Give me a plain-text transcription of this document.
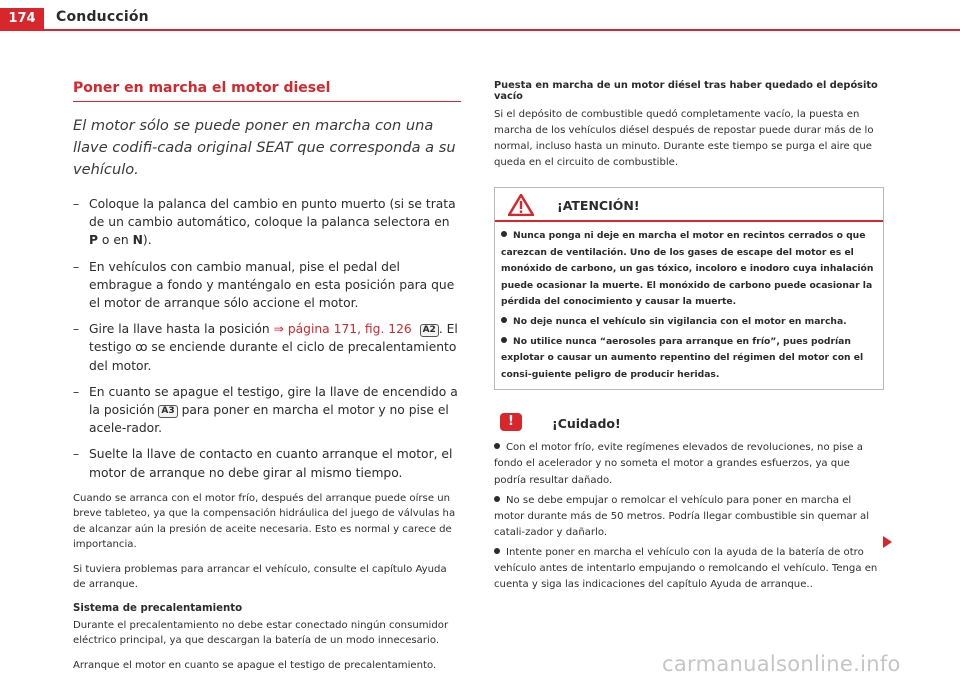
174	Conducción
Poner en marcha el motor diesel
El motor sólo se puede poner en marcha con una llave codifi-cada original SEAT que corresponda a su vehículo.
– Coloque la palanca del cambio en punto muerto (si se trata de un cambio automático, coloque la palanca selectora en P o en N).
– En vehículos con cambio manual, pise el pedal del embrague a fondo y manténgalo en esta posición para que el motor de arranque sólo accione el motor.
– Gire la llave hasta la posición ⇒ página 171, fig. 126 A2 . El testigo ꝏ se enciende durante el ciclo de precalentamiento del motor.
– En cuanto se apague el testigo, gire la llave de encendido a la posición A3 para poner en marcha el motor y no pise el acele-rador.
– Suelte la llave de contacto en cuanto arranque el motor, el motor de arranque no debe girar al mismo tiempo.
Cuando se arranca con el motor frío, después del arranque puede oírse un breve tableteo, ya que la compensación hidráulica del juego de válvulas ha de alcanzar aún la presión de aceite necesaria. Esto es normal y carece de importancia.
Si tuviera problemas para arrancar el vehículo, consulte el capítulo Ayuda de arranque.
Sistema de precalentamiento
Durante el precalentamiento no debe estar conectado ningún consumidor eléctrico principal, ya que descargan la batería de un modo innecesario.
Arranque el motor en cuanto se apague el testigo de precalentamiento.
Puesta en marcha de un motor diésel tras haber quedado el depósito vacío
Si el depósito de combustible quedó completamente vacío, la puesta en marcha de los vehículos diésel después de repostar puede durar más de lo normal, incluso hasta un minuto. Durante este tiempo se purga el aire que queda en el circuito de combustible.
¡ATENCIÓN!
Nunca ponga ni deje en marcha el motor en recintos cerrados o que carezcan de ventilación. Uno de los gases de escape del motor es el monóxido de carbono, un gas tóxico, incoloro e inodoro cuya inhalación puede ocasionar la muerte. El monóxido de carbono puede ocasionar la pérdida del conocimiento y causar la muerte.
No deje nunca el vehículo sin vigilancia con el motor en marcha.
No utilice nunca “aerosoles para arranque en frío”, pues podrían explotar o causar un aumento repentino del régimen del motor con el consi-guiente peligro de producir heridas.
!	¡Cuidado!
Con el motor frío, evite regímenes elevados de revoluciones, no pise a fondo el acelerador y no someta el motor a grandes esfuerzos, ya que podría resultar dañado.
No se debe empujar o remolcar el vehículo para poner en marcha el motor durante más de 50 metros. Podría llegar combustible sin quemar al catali-zador y dañarlo.
Intente poner en marcha el vehículo con la ayuda de la batería de otro vehículo antes de intentarlo empujando o remolcando el vehículo. Tenga en cuenta y siga las indicaciones del capítulo Ayuda de arranque..
carmanualsonline.info
